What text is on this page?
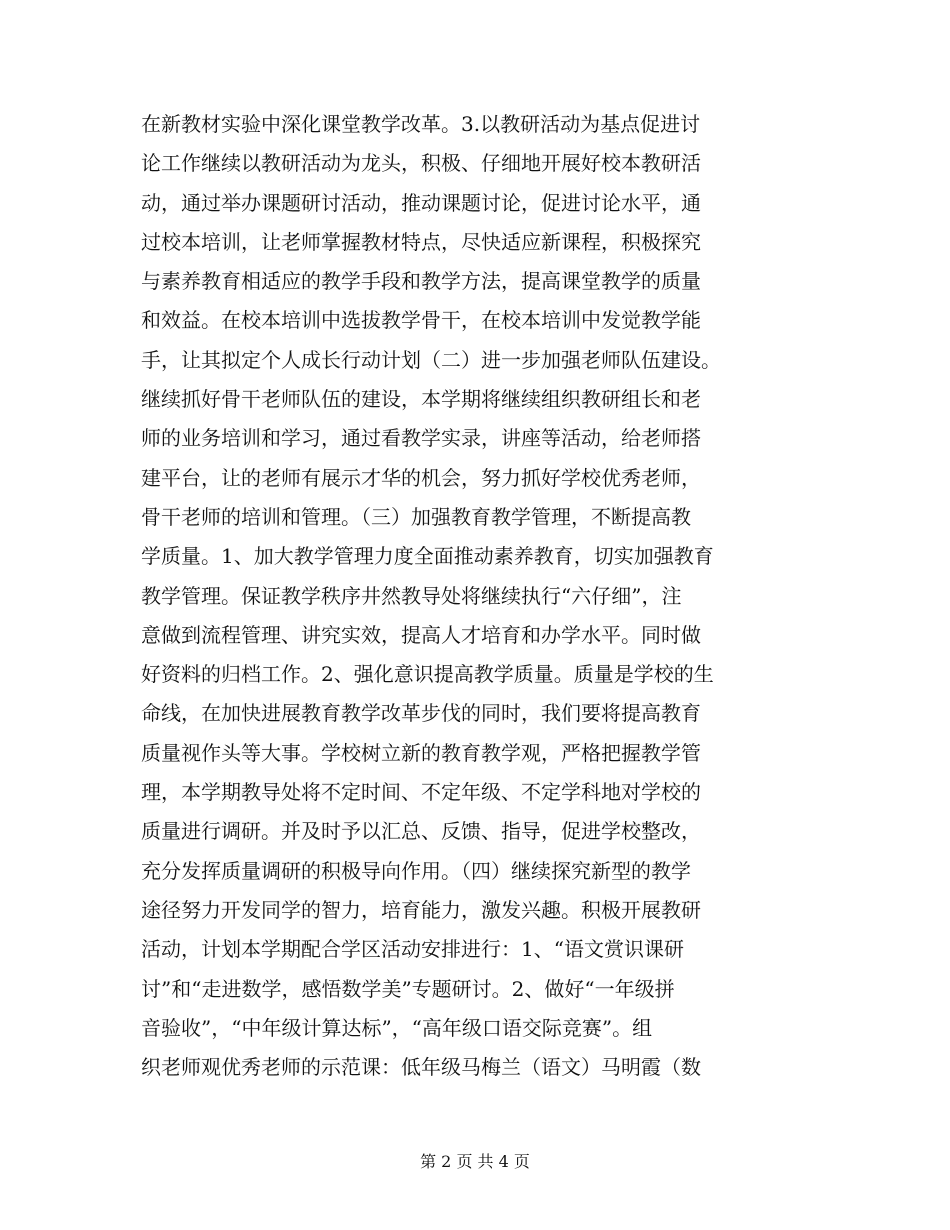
在新教材实验中深化课堂教学改革。3.以教研活动为基点促进讨
论工作继续以教研活动为龙头，积极、仔细地开展好校本教研活
动，通过举办课题研讨活动，推动课题讨论，促进讨论水平，通
过校本培训，让老师掌握教材特点，尽快适应新课程，积极探究
与素养教育相适应的教学手段和教学方法，提高课堂教学的质量
和效益。在校本培训中选拔教学骨干，在校本培训中发觉教学能
手，让其拟定个人成长行动计划（二）进一步加强老师队伍建设。
继续抓好骨干老师队伍的建设，本学期将继续组织教研组长和老
师的业务培训和学习，通过看教学实录，讲座等活动，给老师搭
建平台，让的老师有展示才华的机会，努力抓好学校优秀老师，
骨干老师的培训和管理。（三）加强教育教学管理，不断提高教
学质量。1、加大教学管理力度全面推动素养教育，切实加强教育
教学管理。保证教学秩序井然教导处将继续执行“六仔细”，注
意做到流程管理、讲究实效，提高人才培育和办学水平。同时做
好资料的归档工作。2、强化意识提高教学质量。质量是学校的生
命线，在加快进展教育教学改革步伐的同时，我们要将提高教育
质量视作头等大事。学校树立新的教育教学观，严格把握教学管
理，本学期教导处将不定时间、不定年级、不定学科地对学校的
质量进行调研。并及时予以汇总、反馈、指导，促进学校整改，
充分发挥质量调研的积极导向作用。（四）继续探究新型的教学
途径努力开发同学的智力，培育能力，激发兴趣。积极开展教研
活动，计划本学期配合学区活动安排进行：1、“语文赏识课研
讨”和“走进数学，感悟数学美”专题研讨。2、做好“一年级拼
音验收”，“中年级计算达标”，“高年级口语交际竞赛”。组
织老师观优秀老师的示范课：低年级马梅兰（语文）马明霞（数
第 2 页 共 4 页
